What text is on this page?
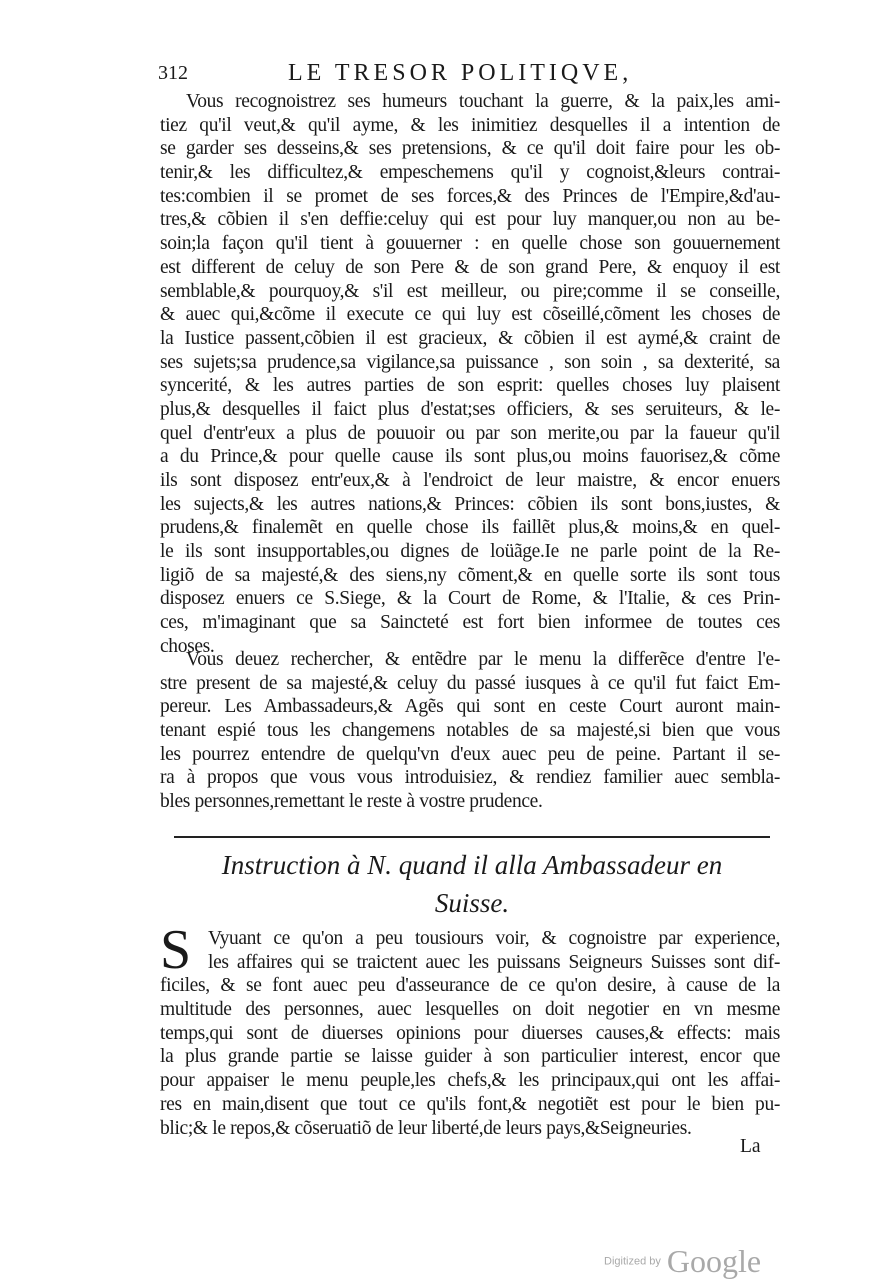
312	LE TRESOR POLITIQVE,
Vous recognoistrez ses humeurs touchant la guerre, & la paix,les ami-
tiez qu'il veut,& qu'il ayme, & les inimitiez desquelles il a intention de
se garder ses desseins,& ses pretensions, & ce qu'il doit faire pour les ob-
tenir,& les difficultez,& empeschemens qu'il y cognoist,&leurs contrai-
tes:combien il se promet de ses forces,& des Princes de l'Empire,&d'au-
tres,& cõbien il s'en deffie:celuy qui est pour luy manquer,ou non au be-
soin;la façon qu'il tient à gouuerner : en quelle chose son gouuernement
est different de celuy de son Pere & de son grand Pere, & enquoy il est
semblable,& pourquoy,& s'il est meilleur, ou pire;comme il se conseille,
& auec qui,&cõme il execute ce qui luy est cõseillé,cõment les choses de
la Iustice passent,cõbien il est gracieux, & cõbien il est aymé,& craint de
ses sujets;sa prudence,sa vigilance,sa puissance , son soin , sa dexterité, sa
syncerité, & les autres parties de son esprit: quelles choses luy plaisent
plus,& desquelles il faict plus d'estat;ses officiers, & ses seruiteurs, & le-
quel d'entr'eux a plus de pouuoir ou par son merite,ou par la faueur qu'il
a du Prince,& pour quelle cause ils sont plus,ou moins fauorisez,& cõme
ils sont disposez entr'eux,& à l'endroict de leur maistre, & encor enuers
les sujects,& les autres nations,& Princes: cõbien ils sont bons,iustes, &
prudens,& finalemẽt en quelle chose ils faillẽt plus,& moins,& en quel-
le ils sont insupportables,ou dignes de loüãge.Ie ne parle point de la Re-
ligiõ de sa majesté,& des siens,ny cõment,& en quelle sorte ils sont tous
disposez enuers ce S.Siege, & la Court de Rome, & l'Italie, & ces Prin-
ces, m'imaginant que sa Saincteté est fort bien informee de toutes ces
choses.
Vous deuez rechercher, & entẽdre par le menu la differẽce d'entre l'e-
stre present de sa majesté,& celuy du passé iusques à ce qu'il fut faict Em-
pereur. Les Ambassadeurs,& Agẽs qui sont en ceste Court auront main-
tenant espié tous les changemens notables de sa majesté,si bien que vous
les pourrez entendre de quelqu'vn d'eux auec peu de peine. Partant il se-
ra à propos que vous vous introduisiez, & rendiez familier auec sembla-
bles personnes,remettant le reste à vostre prudence.
Instruction à N. quand il alla Ambassadeur en
Suisse.
S Vyuant ce qu'on a peu tousiours voir, & cognoistre par experience,
les affaires qui se traictent auec les puissans Seigneurs Suisses sont dif-
ficiles, & se font auec peu d'asseurance de ce qu'on desire, à cause de la
multitude des personnes, auec lesquelles on doit negotier en vn mesme
temps,qui sont de diuerses opinions pour diuerses causes,& effects: mais
la plus grande partie se laisse guider à son particulier interest, encor que
pour appaiser le menu peuple,les chefs,& les principaux,qui ont les affai-
res en main,disent que tout ce qu'ils font,& negotiẽt est pour le bien pu-
blic;& le repos,& cõseruatiõ de leur liberté,de leurs pays,&Seigneuries.
La
Digitized by Google
